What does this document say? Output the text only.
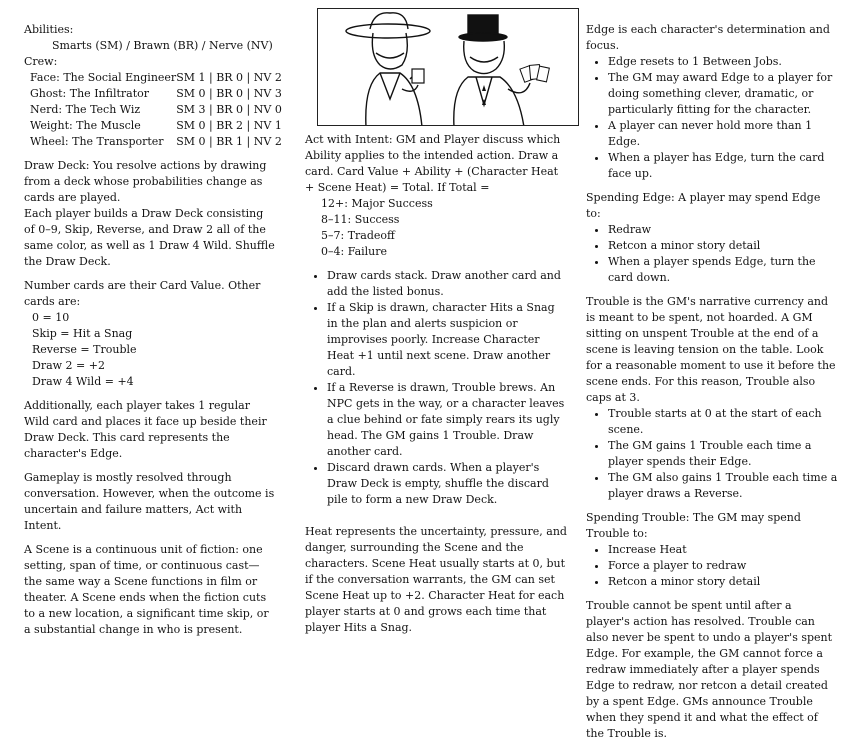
Abilities:

Smarts (SM) / Brawn (BR) / Nerve (NV)

Crew:

Face: The Social Engineer	SM 1 | BR 0 | NV 2
Ghost: The Infiltrator	SM 0 | BR 0 | NV 3
Nerd: The Tech Wiz	SM 3 | BR 0 | NV 0
Weight: The Muscle	SM 0 | BR 2 | NV 1
Wheel: The Transporter	SM 0 | BR 1 | NV 2

Draw Deck: You resolve actions by drawing from a deck whose probabilities change as cards are played.

Each player builds a Draw Deck consisting of 0–9, Skip, Reverse, and Draw 2 all of the same color, as well as 1 Draw 4 Wild. Shuffle the Draw Deck.

Number cards are their Card Value. Other cards are:

0 = 10
Skip = Hit a Snag
Reverse = Trouble
Draw 2 = +2
Draw 4 Wild = +4

Additionally, each player takes 1 regular Wild card and places it face up beside their Draw Deck. This card represents the character's Edge.

Gameplay is mostly resolved through conversation. However, when the outcome is uncertain and failure matters, Act with Intent.

A Scene is a continuous unit of fiction: one setting, span of time, or continuous cast— the same way a Scene functions in film or theater. A Scene ends when the fiction cuts to a new location, a significant time skip, or a substantial change in who is present.

Act with Intent: GM and Player discuss which Ability applies to the intended action. Draw a card. Card Value + Ability + (Character Heat + Scene Heat) = Total. If Total =

12+: Major Success
8–11: Success
5–7: Tradeoff
0–4: Failure
• Draw cards stack. Draw another card and add the listed bonus.
• If a Skip is drawn, character Hits a Snag in the plan and alerts suspicion or improvises poorly. Increase Character Heat +1 until next scene. Draw another card.
• If a Reverse is drawn, Trouble brews. An NPC gets in the way, or a character leaves a clue behind or fate simply rears its ugly head. The GM gains 1 Trouble. Draw another card.
• Discard drawn cards. When a player's Draw Deck is empty, shuffle the discard pile to form a new Draw Deck.

Heat represents the uncertainty, pressure, and danger, surrounding the Scene and the characters. Scene Heat usually starts at 0, but if the conversation warrants, the GM can set Scene Heat up to +2. Character Heat for each player starts at 0 and grows each time that player Hits a Snag.

Edge is each character's determination and focus.

• Edge resets to 1 Between Jobs.
• The GM may award Edge to a player for doing something clever, dramatic, or particularly fitting for the character.
• A player can never hold more than 1 Edge.
• When a player has Edge, turn the card face up.

Spending Edge: A player may spend Edge to:

• Redraw
• Retcon a minor story detail
• When a player spends Edge, turn the card down.

Trouble is the GM's narrative currency and is meant to be spent, not hoarded. A GM sitting on unspent Trouble at the end of a scene is leaving tension on the table. Look for a reasonable moment to use it before the scene ends. For this reason, Trouble also caps at 3.

• Trouble starts at 0 at the start of each scene.
• The GM gains 1 Trouble each time a player spends their Edge.
• The GM also gains 1 Trouble each time a player draws a Reverse.

Spending Trouble: The GM may spend Trouble to:

• Increase Heat
• Force a player to redraw
• Retcon a minor story detail

Trouble cannot be spent until after a player's action has resolved. Trouble can also never be spent to undo a player's spent Edge. For example, the GM cannot force a redraw immediately after a player spends Edge to redraw, nor retcon a detail created by a spent Edge. GMs announce Trouble when they spend it and what the effect of the Trouble is.
